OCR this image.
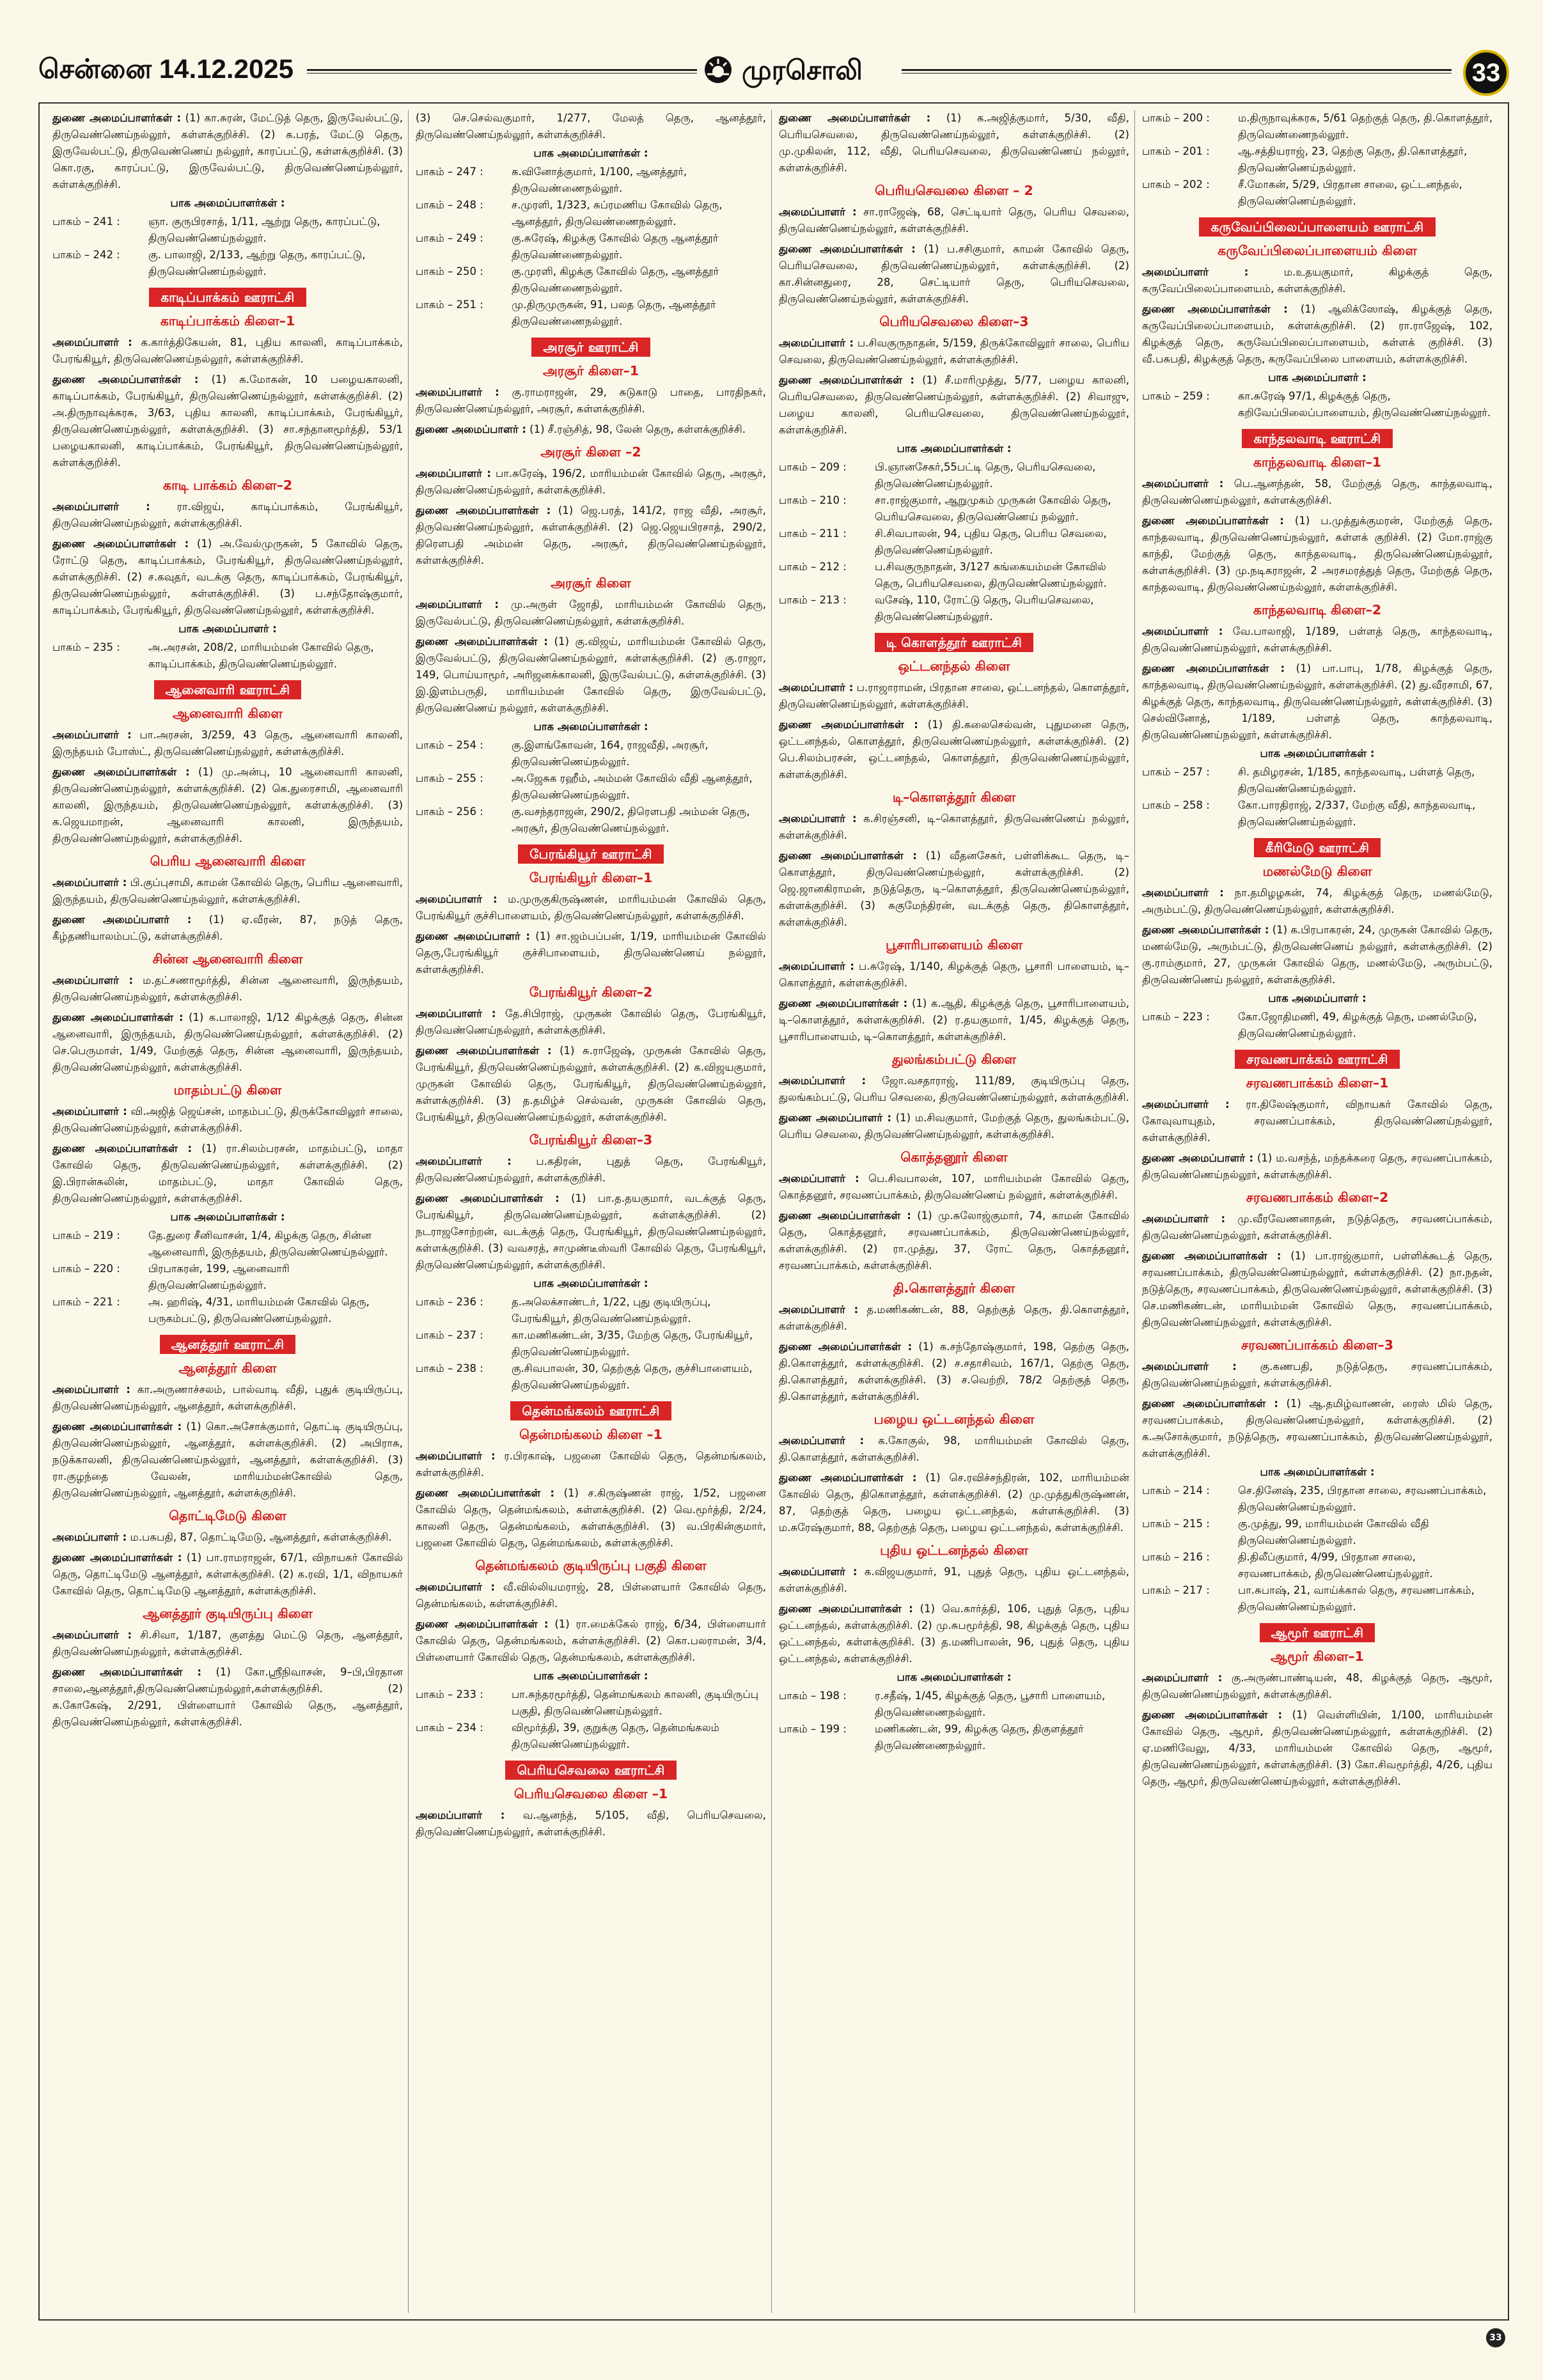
சென்னை 14.12.2025	முரசொலி	33

துணை அமைப்பாளர்கள் : (1) கா.சுரன், மேட்டுத் தெரு, இருவேல்பட்டு, திருவெண்ணெய்நல்லூர், கள்ளக்குறிச்சி. (2) க.பரத், மேட்டு தெரு, இருவேல்பட்டு, திருவெண்ணெய் நல்லூர், காரப்பட்டு, கள்ளக்குறிச்சி. (3) கொ.ரகு, காரப்பட்டு, இருவேல்பட்டு, திருவெண்ணெய்நல்லூர், கள்ளக்குறிச்சி.

பாக அமைப்பாளர்கள் :
பாகம் – 241 :	ஞா. குருபிரசாத், 1/11, ஆற்று தெரு, காரப்பட்டு, திருவெண்ணெய்நல்லூர்.
பாகம் – 242 :	கு. பாலாஜி, 2/133, ஆற்று தெரு, காரப்பட்டு, திருவெண்ணெய்நல்லூர்.
காடிப்பாக்கம் ஊராட்சி
காடிப்பாக்கம் கிளை–1

அமைப்பாளர் : க.கார்த்திகேயன், 81, புதிய காலனி, காடிப்பாக்கம், பேரங்கியூர், திருவெண்ணெய்நல்லூர், கள்ளக்குறிச்சி.

துணை அமைப்பாளர்கள் : (1) க.மோகன், 10 பழையகாலனி, காடிப்பாக்கம், பேரங்கியூர், திருவெண்ணெய்நல்லூர், கள்ளக்குறிச்சி. (2) அ.திருநாவுக்கரசு, 3/63, புதிய காலனி, காடிப்பாக்கம், பேரங்கியூர், திருவெண்ணெய்நல்லூர், கள்ளக்குறிச்சி. (3) சா.சந்தானமூர்த்தி, 53/1 பழையகாலனி, காடிப்பாக்கம், பேரங்கியூர், திருவெண்ணெய்நல்லூர், கள்ளக்குறிச்சி.

காடி பாக்கம் கிளை–2

அமைப்பாளர் :	ரா.விஜய், காடிப்பாக்கம், பேரங்கியூர், திருவெண்ணெய்நல்லூர், கள்ளக்குறிச்சி.

துணை அமைப்பாளர்கள் : (1) அ.வேல்முருகன், 5 கோவில் தெரு, ரோட்டு தெரு, காடிப்பாக்கம், பேரங்கியூர், திருவெண்ணெய்நல்லூர், கள்ளக்குறிச்சி. (2) ச.கவுதர், வடக்கு தெரு, காடிப்பாக்கம், பேரங்கியூர், திருவெண்ணெய்நல்லூர், கள்ளக்குறிச்சி. (3) ப.சந்தோஷ்குமார், காடிப்பாக்கம், பேரங்கியூர், திருவெண்ணெய்நல்லூர், கள்ளக்குறிச்சி.

பாக அமைப்பாளர் :
பாகம் – 235 :	அ.அரசன், 208/2, மாரியம்மன் கோவில் தெரு, காடிப்பாக்கம், திருவெண்ணெய்நல்லூர்.
ஆனைவாரி ஊராட்சி
ஆனைவாரி கிளை

அமைப்பாளர் : பா.அரசன், 3/259, 43 தெரு, ஆனைவாரி காலனி, இருந்தயம் போஸ்ட், திருவெண்ணெய்நல்லூர், கள்ளக்குறிச்சி.

துணை அமைப்பாளர்கள் : (1) மு.அன்பு, 10 ஆனைவாரி காலனி, திருவெண்ணெய்நல்லூர், கள்ளக்குறிச்சி. (2) கெ.துரைசாமி, ஆனைவாரி காலனி, இருந்தயம், திருவெண்ணெய்நல்லூர், கள்ளக்குறிச்சி. (3) க.ஜெயமாறன், ஆனைவாரி காலனி, இருந்தயம், திருவெண்ணெய்நல்லூர், கள்ளக்குறிச்சி.

பெரிய ஆனைவாரி கிளை

அமைப்பாளர் : பி.குப்புசாமி, காமன் கோவில் தெரு, பெரிய ஆனைவாரி, இருந்தயம், திருவெண்ணெய்நல்லூர், கள்ளக்குறிச்சி.

துணை அமைப்பாளர் : (1) ஏ.வீரன், 87, நடுத் தெரு, கீழ்தணியாலம்பட்டு, கள்ளக்குறிச்சி.

சின்ன ஆனைவாரி கிளை

அமைப்பாளர் : ம.தட்சணாமூர்த்தி, சின்ன ஆனைவாரி, இருந்தயம், திருவெண்ணெய்நல்லூர், கள்ளக்குறிச்சி.

துணை அமைப்பாளர்கள் : (1) க.பாலாஜி, 1/12 கிழக்குத் தெரு, சின்ன ஆனைவாரி, இருந்தயம், திருவெண்ணெய்நல்லூர், கள்ளக்குறிச்சி. (2) செ.பெருமாள், 1/49, மேற்குத் தெரு, சின்ன ஆனைவாரி, இருந்தயம், திருவெண்ணெய்நல்லூர், கள்ளக்குறிச்சி.

மாதம்பட்டு கிளை

அமைப்பாளர் : வி.அஜித் ஜெய்சன், மாதம்பட்டு, திருக்கோவிலூர் சாலை, திருவெண்ணெய்நல்லூர், கள்ளக்குறிச்சி.

துணை அமைப்பாளர்கள் : (1) ரா.சிலம்பரசன், மாதம்பட்டு, மாதா கோவில் தெரு, திருவெண்ணெய்நல்லூர், கள்ளக்குறிச்சி. (2) இ.பிரான்சுலின், மாதம்பட்டு, மாதா கோவில் தெரு, திருவெண்ணெய்நல்லூர், கள்ளக்குறிச்சி.

பாக அமைப்பாளர்கள் :
பாகம் – 219 :	தே.துரை சீனிவாசன், 1/4, கிழக்கு தெரு, சின்ன ஆனைவாரி, இருந்தயம், திருவெண்ணெய்நல்லூர்.
பாகம் – 220 :	பிரபாகரன், 199, ஆனைவாரி திருவெண்ணெய்நல்லூர்.
பாகம் – 221 :	அ. ஹரிஷ், 4/31, மாரியம்மன் கோவில் தெரு, பருகம்பட்டு, திருவெண்ணெய்நல்லூர்.
ஆனத்தூர் ஊராட்சி
ஆனத்தூர் கிளை

அமைப்பாளர் : கா.அருணாச்சலம், பால்வாடி வீதி, புதுக் குடியிருப்பு, திருவெண்ணெய்நல்லூர், ஆனத்தூர், கள்ளக்குறிச்சி.

துணை அமைப்பாளர்கள் : (1) கொ.அசோக்குமார், தொட்டி குடியிருப்பு, திருவெண்ணெய்நல்லூர், ஆனத்தூர், கள்ளக்குறிச்சி. (2) அபிராசு, நடுக்காலனி, திருவெண்ணெய்நல்லூர், ஆனத்தூர், கள்ளக்குறிச்சி. (3) ரா.குழந்தை வேலன், மாரியம்மன்கோவில் தெரு, திருவெண்ணெய்நல்லூர், ஆனத்தூர், கள்ளக்குறிச்சி.

தொட்டிமேடு கிளை

அமைப்பாளர் : ம.பசுபதி, 87, தொட்டிமேடு, ஆனத்தூர், கள்ளக்குறிச்சி.

துணை அமைப்பாளர்கள் : (1) பா.ராமராஜன், 67/1, விநாயகர் கோவில் தெரு, தொட்டிமேடு ஆனத்தூர், கள்ளக்குறிச்சி. (2) க.ரவி, 1/1, விநாயகர் கோவில் தெரு, தொட்டிமேடு ஆனத்தூர், கள்ளக்குறிச்சி.

ஆனத்தூர் குடியிருப்பு கிளை

அமைப்பாளர் : சி.சிவா, 1/187, குளத்து மெட்டு தெரு, ஆனத்தூர், திருவெண்ணெய்நல்லூர், கள்ளக்குறிச்சி.

துணை அமைப்பாளர்கள் : (1) கோ.ஸ்ரீநிவாசன், 9–பி,பிரதான சாலை,ஆனத்தூர்,திருவெண்ணெய்நல்லூர்,கள்ளக்குறிச்சி. (2) க.கோகேஷ், 2/291, பிள்ளையார் கோவில் தெரு, ஆனத்தூர், திருவெண்ணெய்நல்லூர், கள்ளக்குறிச்சி.

(3) செ.செல்வகுமார், 1/277, மேலத் தெரு, ஆனத்தூர், திருவெண்ணெய்நல்லூர், கள்ளக்குறிச்சி.

பாக அமைப்பாளர்கள் :
பாகம் – 247 :	க.வினோத்குமார், 1/100, ஆனத்தூர், திருவெண்ணைநல்லூர்.
பாகம் – 248 :	ச.முரளி, 1/323, சுப்ரமணிய கோவில் தெரு, ஆனத்தூர், திருவெண்ணைநல்லூர்.
பாகம் – 249 :	கு.சுரேஷ், கிழக்கு கோவில் தெரு ஆனத்தூர் திருவெண்ணைநல்லூர்.
பாகம் – 250 :	கு.முரளி, கிழக்கு கோவில் தெரு, ஆனத்தூர் திருவெண்ணைநல்லூர்.
பாகம் – 251 :	மு.திருமுருகன், 91, பலத தெரு, ஆனத்தூர் திருவெண்ணைநல்லூர்.
அரசூர் ஊராட்சி
அரசூர் கிளை–1

அமைப்பாளர் : கு.ராமராஜன், 29, சுடுகாடு பாதை, பாரதிநகர், திருவெண்ணெய்நல்லூர், அரசூர், கள்ளக்குறிச்சி.

துணை அமைப்பாளர் : (1) சீ.ரஞ்சித், 98, லேன் தெரு, கள்ளக்குறிச்சி.

அரசூர் கிளை –2

அமைப்பாளர் : பா.சுரேஷ், 196/2, மாரியம்மன் கோவில் தெரு, அரசூர், திருவெண்ணெய்நல்லூர், கள்ளக்குறிச்சி.

துணை அமைப்பாளர்கள் : (1) ஜெ.பரத், 141/2, ராஜ வீதி, அரசூர், திருவெண்ணெய்நல்லூர், கள்ளக்குறிச்சி. (2) ஜெ.ஜெயபிரசாத், 290/2, திரௌபதி அம்மன் தெரு, அரசூர், திருவெண்ணெய்நல்லூர், கள்ளக்குறிச்சி.

அரசூர் கிளை

அமைப்பாளர் : மு.அருள் ஜோதி, மாரியம்மன் கோவில் தெரு, இருவேல்பட்டு, திருவெண்ணெய்நல்லூர், கள்ளக்குறிச்சி.

துணை அமைப்பாளர்கள் : (1) கு.விஜய், மாரியம்மன் கோவில் தெரு, இருவேல்பட்டு, திருவெண்ணெய்நல்லூர், கள்ளக்குறிச்சி. (2) கு.ராஜா, 149, பொய்யாமூர், அரிஜனக்காலனி, இருவேல்பட்டு, கள்ளக்குறிச்சி. (3) இ.இளம்பருதி, மாரியம்மன் கோவில் தெரு, இருவேல்பட்டு, திருவெண்ணெய் நல்லூர், கள்ளக்குறிச்சி.

பாக அமைப்பாளர்கள் :
பாகம் – 254 :	கு.இளங்கோவன், 164, ராஜவீதி, அரசூர், திருவெண்ணெய்நல்லூர்.
பாகம் – 255 :	அ.ஜேசுக ரஹீம், அம்மன் கோவில் வீதி ஆனத்தூர், திருவெண்ணெய்நல்லூர்.
பாகம் – 256 :	கு.வசந்தராஜன், 290/2, திரௌபதி அம்மன் தெரு, அரசூர், திருவெண்ணெய்நல்லூர்.
பேரங்கியூர் ஊராட்சி
பேரங்கியூர் கிளை–1

அமைப்பாளர் : ம.முருகுகிருஷ்ணன், மாரியம்மன் கோவில் தெரு, பேரங்கியூர் குச்சிபாளையம், திருவெண்ணெய்நல்லூர், கள்ளக்குறிச்சி.

துணை அமைப்பாளர் : (1) சா.ஜம்பப்பன், 1/19, மாரியம்மன் கோவில் தெரு,பேரங்கியூர் குச்சிபாளையம், திருவெண்ணெய் நல்லூர், கள்ளக்குறிச்சி.

பேரங்கியூர் கிளை–2

அமைப்பாளர் : தே.சிபிராஜ், முருகன் கோவில் தெரு, பேரங்கியூர், திருவெண்ணெய்நல்லூர், கள்ளக்குறிச்சி.

துணை அமைப்பாளர்கள் : (1) சு.ராஜேஷ், முருகன் கோவில் தெரு, பேரங்கியூர், திருவெண்ணெய்நல்லூர், கள்ளக்குறிச்சி. (2) க.விஜயகுமார், முருகன் கோவில் தெரு, பேரங்கியூர், திருவெண்ணெய்நல்லூர், கள்ளக்குறிச்சி. (3) த.தமிழ்ச் செல்வன், முருகன் கோவில் தெரு, பேரங்கியூர், திருவெண்ணெய்நல்லூர், கள்ளக்குறிச்சி.

பேரங்கியூர் கிளை–3

அமைப்பாளர் : ப.கதிரன், புதுத் தெரு, பேரங்கியூர், திருவெண்ணெய்நல்லூர், கள்ளக்குறிச்சி.

துணை அமைப்பாளர்கள் : (1) பா.த.தயகுமார், வடக்குத் தெரு, பேரங்கியூர், திருவெண்ணெய்நல்லூர், கள்ளக்குறிச்சி. (2) நடராஜசோற்றன், வடக்குத் தெரு, பேரங்கியூர், திருவெண்ணெய்நல்லூர், கள்ளக்குறிச்சி. (3) வவசரத், சாமுண்டீஸ்வரி கோவில் தெரு, பேரங்கியூர், திருவெண்ணெய்நல்லூர், கள்ளக்குறிச்சி.

பாக அமைப்பாளர்கள் :
பாகம் – 236 :	த.அலெக்சாண்டர், 1/22, புது குடியிருப்பு, பேரங்கியூர், திருவெண்ணெய்நல்லூர்.
பாகம் – 237 :	கா.மணிகண்டன், 3/35, மேற்கு தெரு, பேரங்கியூர், திருவெண்ணெய்நல்லூர்.
பாகம் – 238 :	கு.சிவபாலன், 30, தெற்குத் தெரு, குச்சிபாளையம், திருவெண்ணெய்நல்லூர்.
தென்மங்கலம் ஊராட்சி
தென்மங்கலம் கிளை –1

அமைப்பாளர் : ர.பிரகாஷ், பஜனை கோவில் தெரு, தென்மங்கலம், கள்ளக்குறிச்சி.

துணை அமைப்பாளர்கள் : (1) ச.கிருஷ்ணன் ராஜ், 1/52, பஜனை கோவில் தெரு, தென்மங்கலம், கள்ளக்குறிச்சி. (2) வெ.மூர்த்தி, 2/24, காலனி தெரு, தென்மங்கலம், கள்ளக்குறிச்சி. (3) வ.பிரகின்குமார், பஜனை கோவில் தெரு, தென்மங்கலம், கள்ளக்குறிச்சி.

தென்மங்கலம் குடியிருப்பு பகுதி கிளை

அமைப்பாளர் : வீ.வில்லியமராஜ், 28, பிள்ளையார் கோவில் தெரு, தென்மங்கலம், கள்ளக்குறிச்சி.

துணை அமைப்பாளர்கள் : (1) ரா.மைக்கேல் ராஜ், 6/34, பிள்ளையார் கோவில் தெரு, தென்மங்கலம், கள்ளக்குறிச்சி. (2) கொ.பலராமன், 3/4, பிள்ளையார் கோவில் தெரு, தென்மங்கலம், கள்ளக்குறிச்சி.

பாக அமைப்பாளர்கள் :
பாகம் – 233 :	பா.சுந்தரமூர்த்தி, தென்மங்கலம் காலனி, குடியிருப்பு பகுதி, திருவெண்ணெய்நல்லூர்.
பாகம் – 234 :	விமூர்த்தி, 39, குறுக்கு தெரு, தென்மங்கலம் திருவெண்ணெய்நல்லூர்.
பெரியசெவலை ஊராட்சி
பெரியசெவலை கிளை –1

அமைப்பாளர் : வ.ஆனந்த், 5/105, வீதி, பெரியசெவலை, திருவெண்ணெய்நல்லூர், கள்ளக்குறிச்சி.

துணை அமைப்பாளர்கள் : (1) க.அஜித்குமார், 5/30, வீதி, பெரியசெவலை, திருவெண்ணெய்நல்லூர், கள்ளக்குறிச்சி. (2) மு.முகிலன், 112, வீதி, பெரியசெவலை, திருவெண்ணெய் நல்லூர், கள்ளக்குறிச்சி.

பெரியசெவலை கிளை – 2

அமைப்பாளர் : சா.ராஜேஷ், 68, செட்டியார் தெரு, பெரிய செவலை, திருவெண்ணெய்நல்லூர், கள்ளக்குறிச்சி.

துணை அமைப்பாளர்கள் : (1) ப.சசிகுமார், காமன் கோவில் தெரு, பெரியசெவலை, திருவெண்ணெய்நல்லூர், கள்ளக்குறிச்சி. (2) கா.சின்னதுரை, 28, செட்டியார் தெரு, பெரியசெவலை, திருவெண்ணெய்நல்லூர், கள்ளக்குறிச்சி.

பெரியசெவலை கிளை–3

அமைப்பாளர் : ப.சிவகுருநாதன், 5/159, திருக்கோவிலூர் சாலை, பெரிய செவலை, திருவெண்ணெய்நல்லூர், கள்ளக்குறிச்சி.

துணை அமைப்பாளர்கள் : (1) சீ.மாரிமுத்து, 5/77, பழைய காலனி, பெரியசெவலை, திருவெண்ணெய்நல்லூர், கள்ளக்குறிச்சி. (2) சிவாஜு, பழைய காலனி, பெரியசெவலை, திருவெண்ணெய்நல்லூர், கள்ளக்குறிச்சி.

பாக அமைப்பாளர்கள் :
பாகம் – 209 :	பி.ஞானசேகர்,55பட்டி தெரு, பெரியசெவலை, திருவெண்ணெய்நல்லூர்.
பாகம் – 210 :	சா.ராஜ்குமார், ஆறுமுகம் முருகன் கோவில் தெரு, பெரியசெவலை, திருவெண்ணெய் நல்லூர்.
பாகம் – 211 :	சி.சிவபாலன், 94, புதிய தெரு, பெரிய செவலை, திருவெண்ணெய்நல்லூர்.
பாகம் – 212 :	ப.சிவகுருநாதன், 3/127 கங்கையம்மன் கோவில் தெரு, பெரியசெவலை, திருவெண்ணெய்நல்லூர்.
பாகம் – 213 :	வசேஷ், 110, ரோட்டு தெரு, பெரியசெவலை, திருவெண்ணெய்நல்லூர்.
டி கொளத்தூர் ஊராட்சி
ஒட்டனந்தல் கிளை

அமைப்பாளர் : ப.ராஜாராமன், பிரதான சாலை, ஒட்டனந்தல், கொளத்தூர், திருவெண்ணெய்நல்லூர், கள்ளக்குறிச்சி.

துணை அமைப்பாளர்கள் : (1) தி.கலைசெல்வன், புதுமனை தெரு, ஒட்டனந்தல், கொளத்தூர், திருவெண்ணெய்நல்லூர், கள்ளக்குறிச்சி. (2) பெ.சிலம்பரசன், ஒட்டனந்தல், கொளத்தூர், திருவெண்ணெய்நல்லூர், கள்ளக்குறிச்சி.

டி–கொளத்தூர் கிளை

அமைப்பாளர் : க.சிரஞ்சனி, டி–கொளத்தூர், திருவெண்ணெய் நல்லூர், கள்ளக்குறிச்சி.

துணை அமைப்பாளர்கள் : (1) வீதனசேகர், பள்ளிக்கூட தெரு, டி–கொளத்தூர், திருவெண்ணெய்நல்லூர், கள்ளக்குறிச்சி. (2) ஜெ.ஜானகிராமன், நடுத்தெரு, டி–கொளத்தூர், திருவெண்ணெய்நல்லூர், கள்ளக்குறிச்சி. (3) சுகுமேந்திரன், வடக்குத் தெரு, திகொளத்தூர், கள்ளக்குறிச்சி.

பூசாரிபாளையம் கிளை

அமைப்பாளர் : ப.சுரேஷ், 1/140, கிழக்குத் தெரு, பூசாரி பாளையம், டி–கொளத்தூர், கள்ளக்குறிச்சி.

துணை அமைப்பாளர்கள் : (1) க.ஆதி, கிழக்குத் தெரு, பூசாரிபாளையம், டி–கொளத்தூர், கள்ளக்குறிச்சி. (2) ர.தயகுமார், 1/45, கிழக்குத் தெரு, பூசாரிபாளையம், டி–கொளத்தூர், கள்ளக்குறிச்சி.

துலங்கம்பட்டு கிளை

அமைப்பாளர் : ஜோ.வசதாராஜ், 111/89, குடியிருப்பு தெரு, துலங்கம்பட்டு, பெரிய செவலை, திருவெண்ணெய்நல்லூர், கள்ளக்குறிச்சி.

துணை அமைப்பாளர் : (1) ம.சிவகுமார், மேற்குத் தெரு, துலங்கம்பட்டு, பெரிய செவலை, திருவெண்ணெய்நல்லூர், கள்ளக்குறிச்சி.

கொத்தனூர் கிளை

அமைப்பாளர் : பெ.சிவபாலன், 107, மாரியம்மன் கோவில் தெரு, கொத்தனூர், சரவணப்பாக்கம், திருவெண்ணெய் நல்லூர், கள்ளக்குறிச்சி.

துணை அமைப்பாளர்கள் : (1) மு.சுலோஜ்குமார், 74, காமன் கோவில் தெரு, கொத்தனூர், சரவணப்பாக்கம், திருவெண்ணெய்நல்லூர், கள்ளக்குறிச்சி. (2) ரா.முத்து, 37, ரோட் தெரு, கொத்தனூர், சரவணப்பாக்கம், கள்ளக்குறிச்சி.

தி.கொளத்தூர் கிளை

அமைப்பாளர் : த.மணிகண்டன், 88, தெற்குத் தெரு, தி.கொளத்தூர், கள்ளக்குறிச்சி.

துணை அமைப்பாளர்கள் : (1) க.சந்தோஷ்குமார், 198, தெற்கு தெரு, தி.கொளத்தூர், கள்ளக்குறிச்சி. (2) ச.சதாசிவம், 167/1, தெற்கு தெரு, தி.கொளத்தூர், கள்ளக்குறிச்சி. (3) ச.வெற்றி, 78/2 தெற்குத் தெரு, தி.கொளத்தூர், கள்ளக்குறிச்சி.

பழைய ஒட்டனந்தல் கிளை

அமைப்பாளர் : க.கோகுல், 98, மாரியம்மன் கோவில் தெரு, தி.கொளத்தூர், கள்ளக்குறிச்சி.

துணை அமைப்பாளர்கள் : (1) செ.ரவிச்சந்திரன், 102, மாரியம்மன் கோவில் தெரு, திகொளத்தூர், கள்ளக்குறிச்சி. (2) மு.முத்துகிருஷ்ணன், 87, தெற்குத் தெரு, பழைய ஒட்டனந்தல், கள்ளக்குறிச்சி. (3) ம.சுரேஷ்குமார், 88, தெற்குத் தெரு, பழைய ஒட்டனந்தல், கள்ளக்குறிச்சி.

புதிய ஒட்டனந்தல் கிளை

அமைப்பாளர் : க.விஜயகுமார், 91, புதுத் தெரு, புதிய ஒட்டனந்தல், கள்ளக்குறிச்சி.

துணை அமைப்பாளர்கள் : (1) வெ.கார்த்தி, 106, புதுத் தெரு, புதிய ஒட்டனந்தல், கள்ளக்குறிச்சி. (2) மு.சுபமூர்த்தி, 98, கிழக்குத் தெரு, புதிய ஒட்டனந்தல், கள்ளக்குறிச்சி. (3) த.மணிபாலன், 96, புதுத் தெரு, புதிய ஒட்டனந்தல், கள்ளக்குறிச்சி.

பாக அமைப்பாளர்கள் :
பாகம் – 198 :	ர.சதீஷ், 1/45, கிழக்குத் தெரு, பூசாரி பாளையம், திருவெண்ணைநல்லூர்.
பாகம் – 199 :	மணிகண்டன், 99, கிழக்கு தெரு, திகுளத்தூர் திருவெண்ணைநல்லூர்.
பாகம் – 200 :	ம.திருநாவுக்கரசு, 5/61 தெற்குத் தெரு, தி.கொளத்தூர், திருவெண்ணைநல்லூர்.
பாகம் – 201 :	ஆ.சத்தியராஜ், 23, தெற்கு தெரு, தி.கொளத்தூர், திருவெண்ணெய்நல்லூர்.
பாகம் – 202 :	சீ.மோகன், 5/29, பிரதான சாலை, ஒட்டனந்தல், திருவெண்ணெய்நல்லூர்.
கருவேப்பிலைப்பாளையம் ஊராட்சி
கருவேப்பிலைப்பாளையம் கிளை

அமைப்பாளர் :	ம.உதயகுமார், கிழக்குத் தெரு, கருவேப்பிலைப்பாளையம், கள்ளக்குறிச்சி.

துணை அமைப்பாளர்கள் : (1) ஆலிக்ஸோஷ், கிழக்குத் தெரு, கருவேப்பிலைப்பாளையம், கள்ளக்குறிச்சி. (2) ரா.ராஜேஷ், 102, கிழக்குத் தெரு, கருவேப்பிலைப்பாளையம், கள்ளக் குறிச்சி. (3) வீ.பசுபதி, கிழக்குத் தெரு, கருவேப்பிலை பாளையம், கள்ளக்குறிச்சி.

பாக அமைப்பாளர் :
பாகம் – 259 :	கா.சுரேஷ் 97/1, கிழக்குத் தெரு, கறிவேப்பிலைப்பாளையம், திருவெண்ணெய்நல்லூர்.
காந்தலவாடி ஊராட்சி
காந்தலவாடி கிளை–1

அமைப்பாளர் : பெ.ஆனந்தன், 58, மேற்குத் தெரு, காந்தலவாடி, திருவெண்ணெய்நல்லூர், கள்ளக்குறிச்சி.

துணை அமைப்பாளர்கள் : (1) ப.முத்துக்குமரன், மேற்குத் தெரு, காந்தலவாடி, திருவெண்ணெய்நல்லூர், கள்ளக் குறிச்சி. (2) மோ.ராஜ்கு காந்தி, மேற்குத் தெரு, காந்தலவாடி, திருவெண்ணெய்நல்லூர், கள்ளக்குறிச்சி. (3) மு.நடிகராஜன், 2 அரசமரத்துத் தெரு, மேற்குத் தெரு, காந்தலவாடி, திருவெண்ணெய்நல்லூர், கள்ளக்குறிச்சி.

காந்தலவாடி கிளை–2

அமைப்பாளர் : வே.பாலாஜி, 1/189, பள்ளத் தெரு, காந்தலவாடி, திருவெண்ணெய்நல்லூர், கள்ளக்குறிச்சி.

துணை அமைப்பாளர்கள் : (1) பா.பாபு, 1/78, கிழக்குத் தெரு, காந்தலவாடி, திருவெண்ணெய்நல்லூர், கள்ளக்குறிச்சி. (2) து.வீரசாமி, 67, கிழக்குத் தெரு, காந்தலவாடி, திருவெண்ணெய்நல்லூர், கள்ளக்குறிச்சி. (3) செல்வினோத், 1/189, பள்ளத் தெரு, காந்தலவாடி, திருவெண்ணெய்நல்லூர், கள்ளக்குறிச்சி.

பாக அமைப்பாளர்கள் :
பாகம் – 257 :	சி. தமிழரசன், 1/185, காந்தலவாடி, பள்ளத் தெரு, திருவெண்ணெய்நல்லூர்.
பாகம் – 258 :	கோ.பாரதிராஜ், 2/337, மேற்கு வீதி, காந்தலவாடி, திருவெண்ணெய்நல்லூர்.
கீரிமேடு ஊராட்சி
மணல்மேடு கிளை

அமைப்பாளர் : நா.தமிழழகன், 74, கிழக்குத் தெரு, மணல்மேடு, அரும்பட்டு, திருவெண்ணெய்நல்லூர், கள்ளக்குறிச்சி.

துணை அமைப்பாளர்கள் : (1) க.பிரபாகரன், 24, முருகன் கோவில் தெரு, மணல்மேடு, அரும்பட்டு, திருவெண்ணெய் நல்லூர், கள்ளக்குறிச்சி. (2) கு.ராம்குமார், 27, முருகன் கோவில் தெரு, மணல்மேடு, அரும்பட்டு, திருவெண்ணெய் நல்லூர், கள்ளக்குறிச்சி.

பாக அமைப்பாளர் :
பாகம் – 223 :	கோ.ஜோதிமணி, 49, கிழக்குத் தெரு, மணல்மேடு, திருவெண்ணெய்நல்லூர்.
சரவணபாக்கம் ஊராட்சி
சரவணபாக்கம் கிளை–1

அமைப்பாளர் : ரா.திலேஷ்குமார், விநாயகர் கோவில் தெரு, கோவுவாயுதம், சரவணப்பாக்கம், திருவெண்ணெய்நல்லூர், கள்ளக்குறிச்சி.

துணை அமைப்பாளர் : (1) ம.வசந்த், மந்தக்கரை தெரு, சரவணப்பாக்கம், திருவெண்ணெய்நல்லூர், கள்ளக்குறிச்சி.

சரவணபாக்கம் கிளை–2

அமைப்பாளர் : மு.வீரவேணனாதன், நடுத்தெரு, சரவணப்பாக்கம், திருவெண்ணெய்நல்லூர், கள்ளக்குறிச்சி.

துணை அமைப்பாளர்கள் : (1) பா.ராஜ்குமார், பள்ளிக்கூடத் தெரு, சரவணப்பாக்கம், திருவெண்ணெய்நல்லூர், கள்ளக்குறிச்சி. (2) நா.நதன், நடுத்தெரு, சரவணப்பாக்கம், திருவெண்ணெய்நல்லூர், கள்ளக்குறிச்சி. (3) செ.மணிகண்டன், மாரியம்மன் கோவில் தெரு, சரவணப்பாக்கம், திருவெண்ணெய்நல்லூர், கள்ளக்குறிச்சி.

சரவணப்பாக்கம் கிளை–3

அமைப்பாளர் : கு.கணபதி, நடுத்தெரு, சரவணப்பாக்கம், திருவெண்ணெய்நல்லூர், கள்ளக்குறிச்சி.

துணை அமைப்பாளர்கள் : (1) ஆ.தமிழ்வாணன், ரைஸ் மில் தெரு, சரவணப்பாக்கம், திருவெண்ணெய்நல்லூர், கள்ளக்குறிச்சி. (2) க.அசோக்குமார், நடுத்தெரு, சரவணப்பாக்கம், திருவெண்ணெய்நல்லூர், கள்ளக்குறிச்சி.

பாக அமைப்பாளர்கள் :
பாகம் – 214 :	செ.தினேஷ், 235, பிரதான சாலை, சரவணப்பாக்கம், திருவெண்ணெய்நல்லூர்.
பாகம் – 215 :	கு.முத்து, 99, மாரியம்மன் கோவில் வீதி திருவெண்ணெய்நல்லூர்.
பாகம் – 216 :	தி.திலீப்குமார், 4/99, பிரதான சாலை, சரவணபாக்கம், திருவெண்ணெய்நல்லூர்.
பாகம் – 217 :	பா.சுபாஷ், 21, வாய்க்கால் தெரு, சரவணபாக்கம், திருவெண்ணெய்நல்லூர்.
ஆமூர் ஊராட்சி
ஆமூர் கிளை–1

அமைப்பாளர் : கு.அருண்பாண்டியன், 48, கிழக்குத் தெரு, ஆமூர், திருவெண்ணெய்நல்லூர், கள்ளக்குறிச்சி.

துணை அமைப்பாளர்கள் : (1) வெள்ளியின், 1/100, மாரியம்மன் கோவில் தெரு, ஆமூர், திருவெண்ணெய்நல்லூர், கள்ளக்குறிச்சி. (2) ஏ.மணிவேலு, 4/33, மாரியம்மன் கோவில் தெரு, ஆமூர், திருவெண்ணெய்நல்லூர், கள்ளக்குறிச்சி. (3) கோ.சிவமூர்த்தி, 4/26, புதிய தெரு, ஆமூர், திருவெண்ணெய்நல்லூர், கள்ளக்குறிச்சி.

33
